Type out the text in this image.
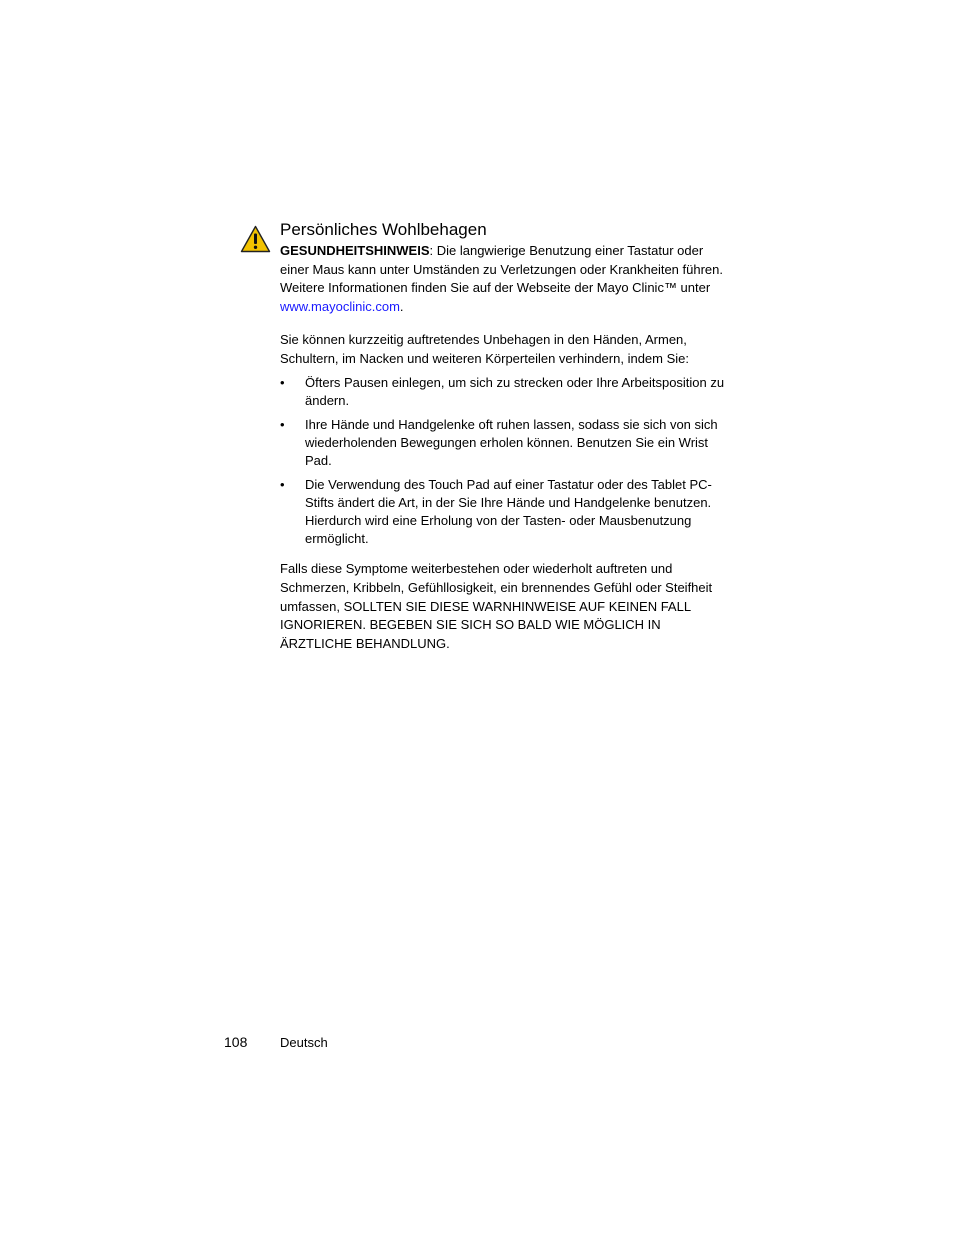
Persönliches Wohlbehagen

GESUNDHEITSHINWEIS: Die langwierige Benutzung einer Tastatur oder einer Maus kann unter Umständen zu Verletzungen oder Krankheiten führen. Weitere Informationen finden Sie auf der Webseite der Mayo Clinic™ unter www.mayoclinic.com.

Sie können kurzzeitig auftretendes Unbehagen in den Händen, Armen, Schultern, im Nacken und weiteren Körperteilen verhindern, indem Sie:

• Öfters Pausen einlegen, um sich zu strecken oder Ihre Arbeitsposition zu ändern.
• Ihre Hände und Handgelenke oft ruhen lassen, sodass sie sich von sich wiederholenden Bewegungen erholen können. Benutzen Sie ein Wrist Pad.
• Die Verwendung des Touch Pad auf einer Tastatur oder des Tablet PC-Stifts ändert die Art, in der Sie Ihre Hände und Handgelenke benutzen. Hierdurch wird eine Erholung von der Tasten- oder Mausbenutzung ermöglicht.

Falls diese Symptome weiterbestehen oder wiederholt auftreten und Schmerzen, Kribbeln, Gefühllosigkeit, ein brennendes Gefühl oder Steifheit umfassen, SOLLTEN SIE DIESE WARNHINWEISE AUF KEINEN FALL IGNORIEREN. BEGEBEN SIE SICH SO BALD WIE MÖGLICH IN ÄRZTLICHE BEHANDLUNG.

108	Deutsch
